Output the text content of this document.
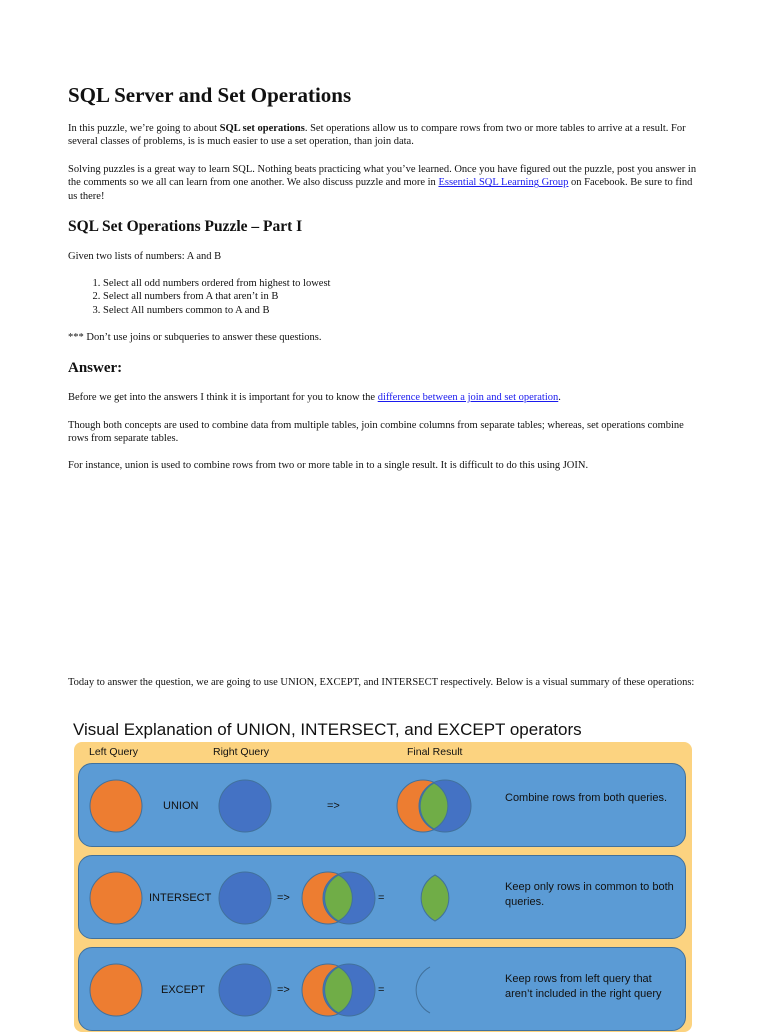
SQL Server and Set Operations

In this puzzle, we’re going to about SQL set operations. Set operations allow us to compare rows from two or more tables to arrive at a result. For several classes of problems, is is much easier to use a set operation, than join data.

Solving puzzles is a great way to learn SQL. Nothing beats practicing what you’ve learned. Once you have figured out the puzzle, post you answer in the comments so we all can learn from one another. We also discuss puzzle and more in Essential SQL Learning Group on Facebook. Be sure to find us there!

SQL Set Operations Puzzle – Part I

Given two lists of numbers: A and B

1. Select all odd numbers ordered from highest to lowest
2. Select all numbers from A that aren’t in B
3. Select All numbers common to A and B

*** Don’t use joins or subqueries to answer these questions.

Answer:

Before we get into the answers I think it is important for you to know the difference between a join and set operation.

Though both concepts are used to combine data from multiple tables, join combine columns from separate tables; whereas, set operations combine rows from separate tables.

For instance, union is used to combine rows from two or more table in to a single result. It is difficult to do this using JOIN.

Today to answer the question, we are going to use UNION, EXCEPT, and INTERSECT respectively. Below is a visual summary of these operations:

Visual Explanation of UNION, INTERSECT, and EXCEPT operators
Left Query	Right Query	Final Result
UNION	=>
Combine rows from both queries.
INTERSECT	=>	=
Keep only rows in common to both queries.
EXCEPT	=>	=
Keep rows from left query that aren’t included in the right query
